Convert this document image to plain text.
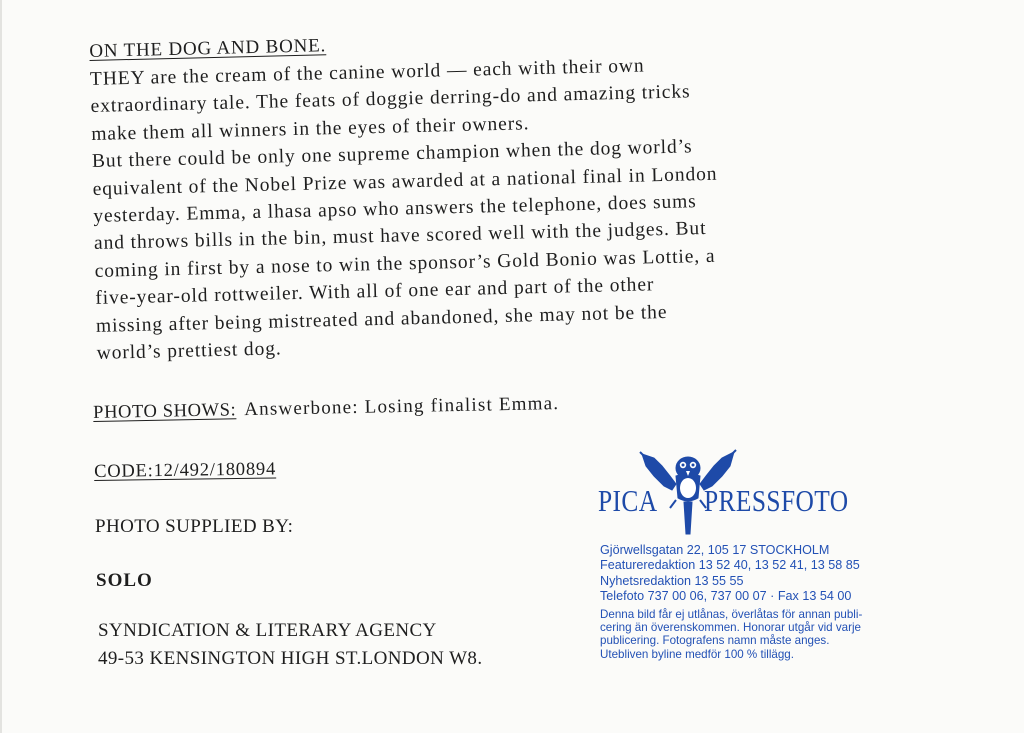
ON THE DOG AND BONE.
THEY are the cream of the canine world — each with their own
extraordinary tale. The feats of doggie derring-do and amazing tricks
make them all winners in the eyes of their owners.
But there could be only one supreme champion when the dog world’s
equivalent of the Nobel Prize was awarded at a national final in London
yesterday. Emma, a lhasa apso who answers the telephone, does sums
and throws bills in the bin, must have scored well with the judges. But
coming in first by a nose to win the sponsor’s Gold Bonio was Lottie, a
five-year-old rottweiler. With all of one ear and part of the other
missing after being mistreated and abandoned, she may not be the
world’s prettiest dog.
PHOTO SHOWS: Answerbone: Losing finalist Emma.
CODE:12/492/180894
PHOTO SUPPLIED BY:
SOLO
SYNDICATION & LITERARY AGENCY
49-53 KENSINGTON HIGH ST.LONDON W8.
PICA PRESSFOTO
Gjörwellsgatan 22, 105 17 STOCKHOLM
Featureredaktion 13 52 40, 13 52 41, 13 58 85
Nyhetsredaktion 13 55 55
Telefoto 737 00 06, 737 00 07 · Fax 13 54 00
Denna bild får ej utlånas, överlåtas för annan publi-
cering än överenskommen. Honorar utgår vid varje
publicering. Fotografens namn måste anges.
Utebliven byline medför 100 % tillägg.
